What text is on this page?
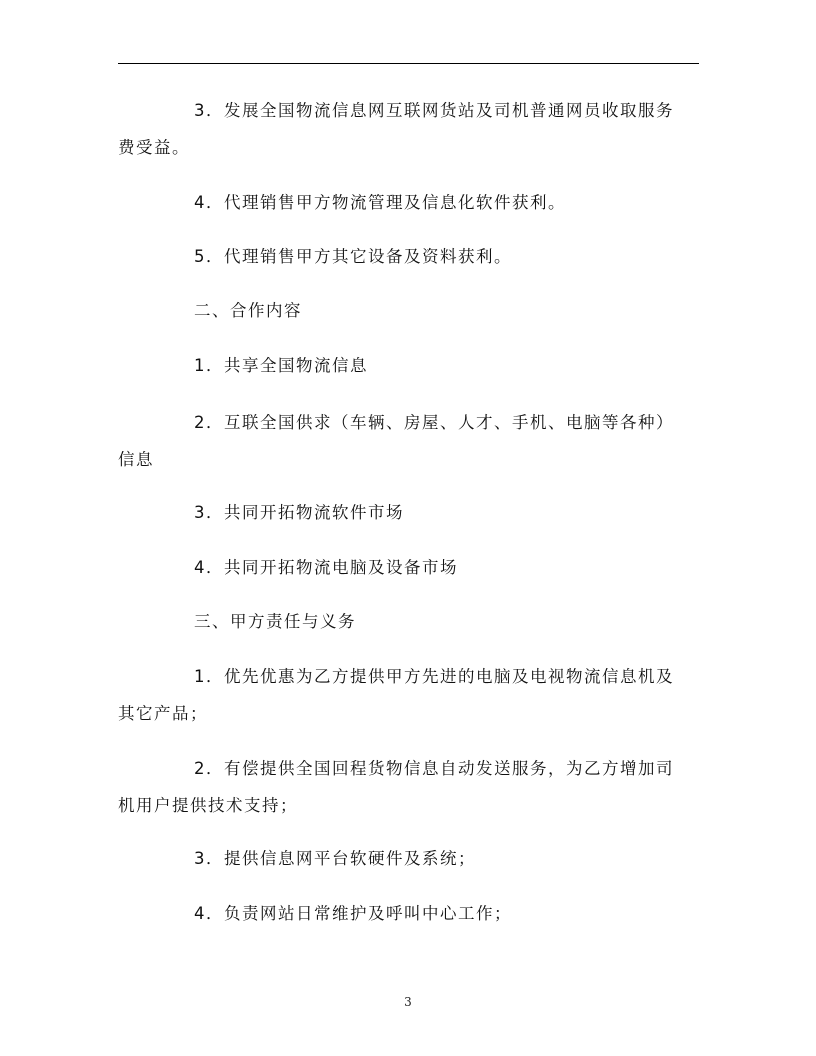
3．发展全国物流信息网互联网货站及司机普通网员收取服务
费受益。
4．代理销售甲方物流管理及信息化软件获利。
5．代理销售甲方其它设备及资料获利。
二、合作内容
1．共享全国物流信息
2．互联全国供求（车辆、房屋、人才、手机、电脑等各种）
信息
3．共同开拓物流软件市场
4．共同开拓物流电脑及设备市场
三、甲方责任与义务
1．优先优惠为乙方提供甲方先进的电脑及电视物流信息机及
其它产品；
2．有偿提供全国回程货物信息自动发送服务，为乙方增加司
机用户提供技术支持；
3．提供信息网平台软硬件及系统；
4．负责网站日常维护及呼叫中心工作；
3
